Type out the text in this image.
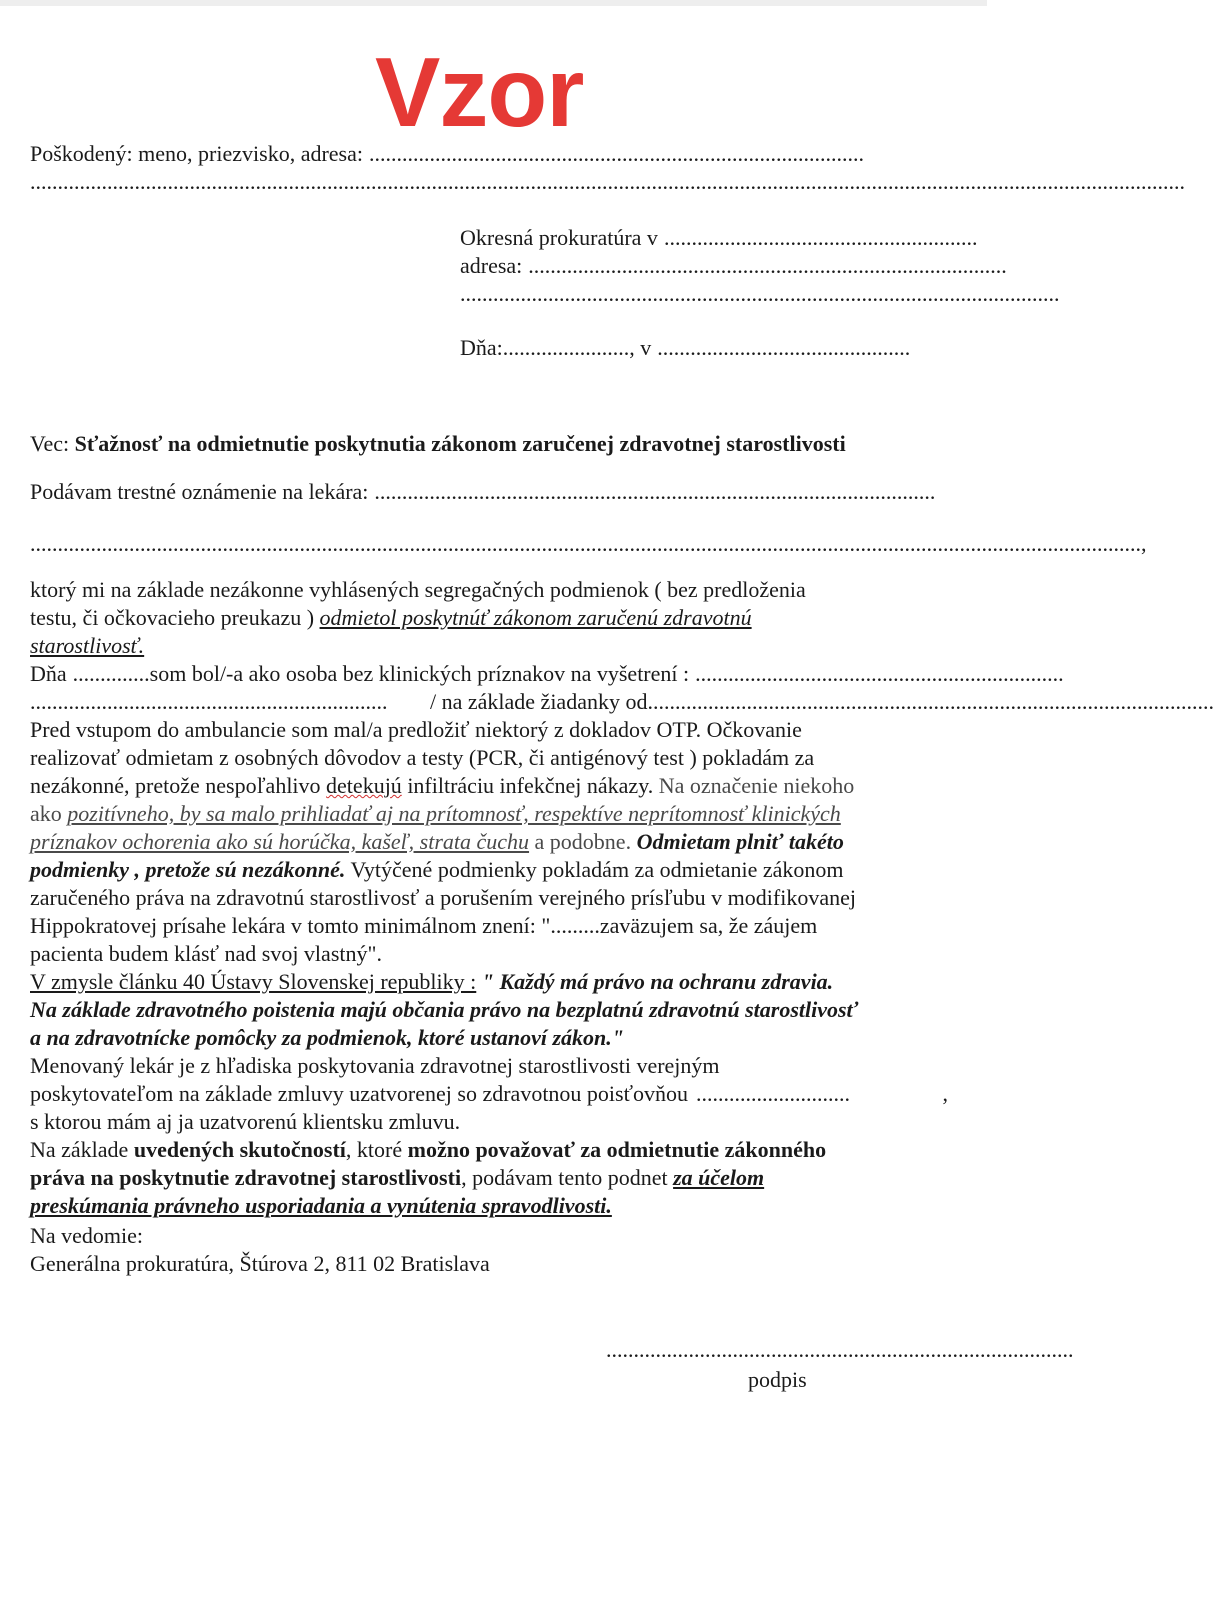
Vzor
Poškodený: meno, priezvisko, adresa: ..........................................................................................
..................................................................................................................................................................................................................
Okresná prokuratúra v .........................................................
adresa: .......................................................................................
.............................................................................................................
Dňa: ....................... , v ..............................................
Vec: Sťažnosť na odmietnutie poskytnutia zákonom zaručenej zdravotnej starostlivosti
Podávam trestné oznámenie na lekára: ......................................................................................................
.......................................................................................................................................................................................................... ,
ktorý mi na základe nezákonne vyhlásených segregačných podmienok ( bez predloženia
testu, či očkovacieho preukazu ) odmietol poskytnúť zákonom zaručenú zdravotnú
starostlivosť.
Dňa .............. som bol/-a ako osoba bez klinických príznakov na vyšetrení : ...................................................................
.................................................................	/ na základe žiadanky od .......................................................................................................
Pred vstupom do ambulancie som mal/a predložiť niektorý z dokladov OTP. Očkovanie
realizovať odmietam z osobných dôvodov a testy (PCR, či antigénový test ) pokladám za
nezákonné, pretože nespoľahlivo detekujú infiltráciu infekčnej nákazy. Na označenie niekoho
ako pozitívneho, by sa malo prihliadať aj na prítomnosť, respektíve neprítomnosť klinických
príznakov ochorenia ako sú horúčka, kašeľ, strata čuchu a podobne. Odmietam plniť takéto
podmienky , pretože sú nezákonné. Vytýčené podmienky pokladám za odmietanie zákonom
zaručeného práva na zdravotnú starostlivosť a porušením verejného prísľubu v modifikovanej
Hippokratovej prísahe lekára v tomto minimálnom znení: ".........zaväzujem sa, že záujem
pacienta budem klásť nad svoj vlastný".
V zmysle článku 40 Ústavy Slovenskej republiky : " Každý má právo na ochranu zdravia.
Na základe zdravotného poistenia majú občania právo na bezplatnú zdravotnú starostlivosť
a na zdravotnícke pomôcky za podmienok, ktoré ustanoví zákon."
Menovaný lekár je z hľadiska poskytovania zdravotnej starostlivosti verejným
poskytovateľom na základe zmluvy uzatvorenej so zdravotnou poisťovňou ............................	,
s ktorou mám aj ja uzatvorenú klientsku zmluvu.
Na základe uvedených skutočností, ktoré možno považovať za odmietnutie zákonného
práva na poskytnutie zdravotnej starostlivosti, podávam tento podnet za účelom
preskúmania právneho usporiadania a vynútenia spravodlivosti.
Na vedomie:
Generálna prokuratúra, Štúrova 2, 811 02 Bratislava
.....................................................................................
podpis
